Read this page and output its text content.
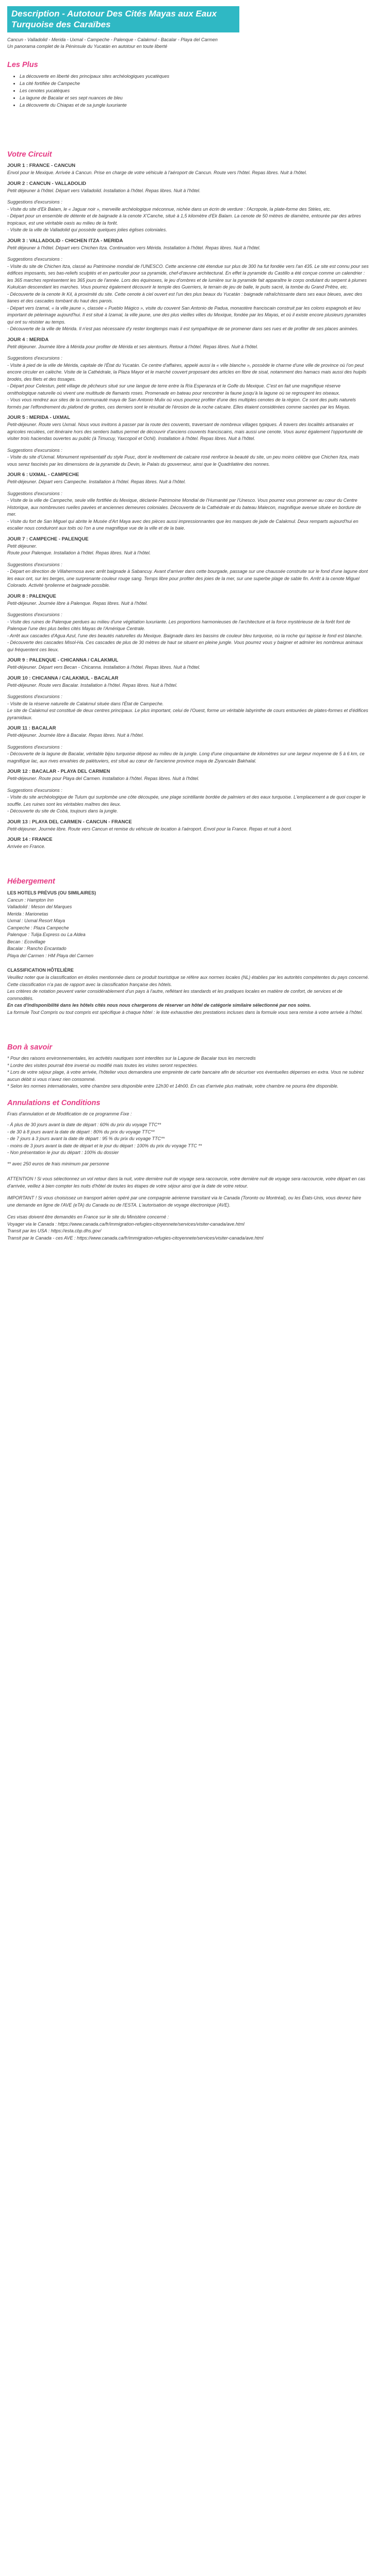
Description - Autotour Des Cités Mayas aux Eaux Turquoise des Caraïbes

Cancun - Valladolid - Merida - Uxmal - Campeche - Palenque - Calakmul - Bacalar - Playa del Carmen

Un panorama complet de la Péninsule du Yucatán en autotour en toute liberté

Les Plus
• La découverte en liberté des principaux sites archéologiques yucatèques
• La cité fortifiée de Campeche
• Les cenotes yucatèques
• La lagune de Bacalar et ses sept nuances de bleu
• La découverte du Chiapas et de sa jungle luxuriante
Votre Circuit
JOUR 1 : FRANCE - CANCUN
Envol pour le Mexique. Arrivée à Cancun. Prise en charge de votre véhicule à l'aéroport de Cancun. Route vers l'hôtel. Repas libres. Nuit à l'hôtel.
JOUR 2 : CANCUN - VALLADOLID
Petit déjeuner à l'hôtel. Départ vers Valladolid. Installation à l'hôtel. Repas libres. Nuit à l'hôtel.
Suggestions d'excursions :
- Visite du site d'Ek Balam, le « Jaguar noir », merveille archéologique méconnue, nichée dans un écrin de verdure : l'Acropole, la plate-forme des Stèles, etc.
- Départ pour un ensemble de détente et de baignade à la cenote X'Canche, situé à 1,5 kilomètre d'Ek Balam. La cenote de 50 mètres de diamètre, entourée par des arbres tropicaux, est une véritable oasis au milieu de la forêt.
- Visite de la ville de Valladolid qui possède quelques jolies églises coloniales.
JOUR 3 : VALLADOLID - CHICHEN ITZA - MERIDA
Petit déjeuner à l'hôtel. Départ vers Chichen Itza. Continuation vers Mérida. Installation à l'hôtel. Repas libres. Nuit à l'hôtel.
Suggestions d'excursions :
- Visite du site de Chichen Itza, classé au Patrimoine mondial de l'UNESCO. Cette ancienne cité étendue sur plus de 300 ha fut fondée vers l'an 435. Le site est connu pour ses édifices imposants, ses bas-reliefs sculptés et en particulier pour sa pyramide, chef-d'œuvre architectural. En effet la pyramide du Castillo a été conçue comme un calendrier : les 365 marches représentent les 365 jours de l'année. Lors des équinoxes, le jeu d'ombres et de lumière sur la pyramide fait apparaître le corps ondulant du serpent à plumes Kukulcan descendant les marches. Vous pourrez également découvrir le temple des Guerriers, le terrain de jeu de balle, le puits sacré, la tombe du Grand Prêtre, etc.
- Découverte de la cenote Ik Kil, à proximité du site. Cette cenote à ciel ouvert est l'un des plus beaux du Yucatán : baignade rafraîchissante dans ses eaux bleues, avec des lianes et des cascades tombant du haut des parois.
- Départ vers Izamal, « la ville jaune », classée « Pueblo Mágico », visite du couvent San Antonio de Padua, monastère franciscain construit par les colons espagnols et lieu important de pèlerinage aujourd'hui. Il est situé à Izamal, la ville jaune, une des plus vieilles villes du Mexique, fondée par les Mayas, et où il existe encore plusieurs pyramides qui ont su résister au temps.
- Découverte de la ville de Mérida. Il n'est pas nécessaire d'y rester longtemps mais il est sympathique de se promener dans ses rues et de profiter de ses places animées.
JOUR 4 : MERIDA
Petit déjeuner. Journée libre à Mérida pour profiter de Mérida et ses alentours. Retour à l'hôtel. Repas libres. Nuit à l'hôtel.
Suggestions d'excursions :
- Visite à pied de la ville de Mérida, capitale de l'État du Yucatán. Ce centre d'affaires, appelé aussi la « ville blanche », possède le charme d'une ville de province où l'on peut encore circuler en calèche. Visite de la Cathédrale, la Plaza Mayor et le marché couvert proposant des articles en fibre de sisal, notamment des hamacs mais aussi des huipils brodés, des filets et des tissages.
- Départ pour Celestun, petit village de pêcheurs situé sur une langue de terre entre la Ría Esperanza et le Golfe du Mexique. C'est en fait une magnifique réserve ornithologique naturelle où vivent une multitude de flamants roses. Promenade en bateau pour rencontrer la faune jusqu'à la lagune où se regroupent les oiseaux.
- Vous vous rendrez aux sites de la communauté maya de San Antonio Mulix où vous pourrez profiter d'une des multiples cenotes de la région. Ce sont des puits naturels formés par l'effondrement du plafond de grottes, ces derniers sont le résultat de l'érosion de la roche calcaire. Elles étaient considérées comme sacrées par les Mayas.
JOUR 5 : MERIDA - UXMAL
Petit-déjeuner. Route vers Uxmal. Nous vous invitons à passer par la route des couvents, traversant de nombreux villages typiques. À travers des localités artisanales et agricoles reculées, cet itinéraire hors des sentiers battus permet de découvrir d'anciens couvents franciscains, mais aussi une cenote. Vous aurez également l'opportunité de visiter trois haciendas ouvertes au public (à Timucuy, Yaxcopoil et Ochil). Installation à l'hôtel. Repas libres. Nuit à l'hôtel.
Suggestions d'excursions :
- Visite du site d'Uxmal. Monument représentatif du style Puuc, dont le revêtement de calcaire rosé renforce la beauté du site, un peu moins célèbre que Chichen Itza, mais vous serez fascinés par les dimensions de la pyramide du Devin, le Palais du gouverneur, ainsi que le Quadrilatère des nonnes.
JOUR 6 : UXMAL - CAMPECHE
Petit-déjeuner. Départ vers Campeche. Installation à l'hôtel. Repas libres. Nuit à l'hôtel.
Suggestions d'excursions :
- Visite de la ville de Campeche, seule ville fortifiée du Mexique, déclarée Patrimoine Mondial de l'Humanité par l'Unesco. Vous pourrez vous promener au cœur du Centre Historique, aux nombreuses ruelles pavées et anciennes demeures coloniales. Découverte de la Cathédrale et du bateau Malecon, magnifique avenue située en bordure de mer.
- Visite du fort de San Miguel qui abrite le Musée d'Art Maya avec des pièces aussi impressionnantes que les masques de jade de Calakmul. Deux remparts aujourd'hui en escalier nous conduiront aux toits où l'on a une magnifique vue de la ville et de la baie.
JOUR 7 : CAMPECHE - PALENQUE
Petit déjeuner.
Route pour Palenque. Installation à l'hôtel. Repas libres. Nuit à l'hôtel.
Suggestions d'excursions :
- Départ en direction de Villahermosa avec arrêt baignade à Sabancuy. Avant d'arriver dans cette bourgade, passage sur une chaussée construite sur le fond d'une lagune dont les eaux ont, sur les berges, une surprenante couleur rouge sang. Temps libre pour profiter des joies de la mer, sur une superbe plage de sable fin. Arrêt à la cenote Miguel Colorado. Activité tyrolienne et baignade possible.
JOUR 8 : PALENQUE
Petit-déjeuner. Journée libre à Palenque. Repas libres. Nuit à l'hôtel.
Suggestions d'excursions :
- Visite des ruines de Palenque perdues au milieu d'une végétation luxuriante. Les proportions harmonieuses de l'architecture et la force mystérieuse de la forêt font de Palenque l'une des plus belles cités Mayas de l'Amérique Centrale.
- Arrêt aux cascades d'Agua Azul, l'une des beautés naturelles du Mexique. Baignade dans les bassins de couleur bleu turquoise, où la roche qui tapisse le fond est blanche.
- Découverte des cascades Misol-Ha. Ces cascades de plus de 30 mètres de haut se situent en pleine jungle. Vous pourrez vous y baigner et admirer les nombreux animaux qui fréquentent ces lieux.
JOUR 9 : PALENQUE - CHICANNA / CALAKMUL
Petit-déjeuner. Départ vers Becan - Chicanna. Installation à l'hôtel. Repas libres. Nuit à l'hôtel.
JOUR 10 : CHICANNA / CALAKMUL - BACALAR
Petit-déjeuner. Route vers Bacalar. Installation à l'hôtel. Repas libres. Nuit à l'hôtel.
Suggestions d'excursions :
- Visite de la réserve naturelle de Calakmul située dans l'État de Campeche.
Le site de Calakmul est constitué de deux centres principaux. Le plus important, celui de l'Ouest, forme un véritable labyrinthe de cours entourées de plates-formes et d'édifices pyramidaux.
JOUR 11 : BACALAR
Petit-déjeuner. Journée libre à Bacalar. Repas libres. Nuit à l'hôtel.
Suggestions d'excursions :
- Découverte de la lagune de Bacalar, véritable bijou turquoise déposé au milieu de la jungle. Long d'une cinquantaine de kilomètres sur une largeur moyenne de 5 à 6 km, ce magnifique lac, aux rives envahies de palétuviers, est situé au cœur de l'ancienne province maya de Ziyancaán Bakhalal.
JOUR 12 : BACALAR - PLAYA DEL CARMEN
Petit-déjeuner. Route pour Playa del Carmen. Installation à l'hôtel. Repas libres. Nuit à l'hôtel.
Suggestions d'excursions :
- Visite du site archéologique de Tulum qui surplombe une côte découpée, une plage scintillante bordée de palmiers et des eaux turquoise. L'emplacement a de quoi couper le souffle. Les ruines sont les véritables maîtres des lieux.
- Découverte du site de Cobá, toujours dans la jungle.
JOUR 13 : PLAYA DEL CARMEN - CANCUN - FRANCE
Petit-déjeuner. Journée libre. Route vers Cancun et remise du véhicule de location à l'aéroport. Envol pour la France. Repas et nuit à bord.
JOUR 14 : FRANCE
Arrivée en France.
Hébergement
LES HOTELS PRÉVUS (OU SIMILAIRES)
Cancun : Hampton Inn
Valladolid : Meson del Marques
Merida : Marionetas
Uxmal : Uxmal Resort Maya
Campeche : Plaza Campeche
Palenque : Tulija Express ou La Aldea
Becan : Ecovillage
Bacalar : Rancho Encantado
Playa del Carmen : HM Playa del Carmen
CLASSIFICATION HÔTELIÈRE
Veuillez noter que la classification en étoiles mentionnée dans ce produit touristique se réfère aux normes locales (NL) établies par les autorités compétentes du pays concerné.
Cette classification n'a pas de rapport avec la classification française des hôtels.
Les critères de notation peuvent varier considérablement d'un pays à l'autre, reflétant les standards et les pratiques locales en matière de confort, de services et de commodités.
En cas d'indisponibilité dans les hôtels cités nous nous chargerons de réserver un hôtel de catégorie similaire sélectionné par nos soins.
La formule Tout Compris ou tout compris est spécifique à chaque hôtel : le liste exhaustive des prestations incluses dans la formule vous sera remise à votre arrivée à l'hôtel.
Bon à savoir
* Pour des raisons environnementales, les activités nautiques sont interdites sur la Lagune de Bacalar tous les mercredis
* Lordre des visites pourrait être inversé ou modifié mais toutes les visites seront respectées.
* Lors de votre séjour plage, à votre arrivée, l'hôtelier vous demandera une empreinte de carte bancaire afin de sécuriser vos éventuelles dépenses en extra. Vous ne subirez aucun débit si vous n'avez rien consommé.
* Selon les normes internationales, votre chambre sera disponible entre 12h30 et 14h00. En cas d'arrivée plus matinale, votre chambre ne pourra être disponible.
Annulations et Conditions

Frais d'annulation et de Modification de ce programme Fixe :

- À plus de 30 jours avant la date de départ : 60% du prix du voyage TTC**
- de 30 à 8 jours avant la date de départ : 80% du prix du voyage TTC**
- de 7 jours à 3 jours avant la date de départ : 95 % du prix du voyage TTC**
- moins de 3 jours avant la date de départ et le jour du départ : 100% du prix du voyage TTC **
- Non présentation le jour du départ : 100% du dossier

** avec 250 euros de frais minimum par personne

ATTENTION ! Si vous sélectionnez un vol retour dans la nuit, votre dernière nuit de voyage sera raccourcie, votre dernière nuit de voyage sera raccourcie, votre départ en cas d'arrivée, veillez à bien compter les nuits d'hôtel de toutes les étapes de votre séjour ainsi que la date de votre retour.

IMPORTANT ! Si vous choisissez un transport aérien opéré par une compagnie aérienne transitant via le Canada (Toronto ou Montréal), ou les États-Unis, vous devrez faire une demande en ligne de l'AVE (eTA) du Canada ou de l'ESTA. L'autorisation de voyage électronique (AVE).

Ces visas doivent être demandés en France sur le site du Ministère concerné :

Voyager via le Canada : https://www.canada.ca/fr/immigration-refugies-citoyennete/services/visiter-canada/ave.html
Transit par les USA : https://esta.cbp.dhs.gov/
Transit par le Canada - ces AVE : https://www.canada.ca/fr/immigration-refugies-citoyennete/services/visiter-canada/ave.html
